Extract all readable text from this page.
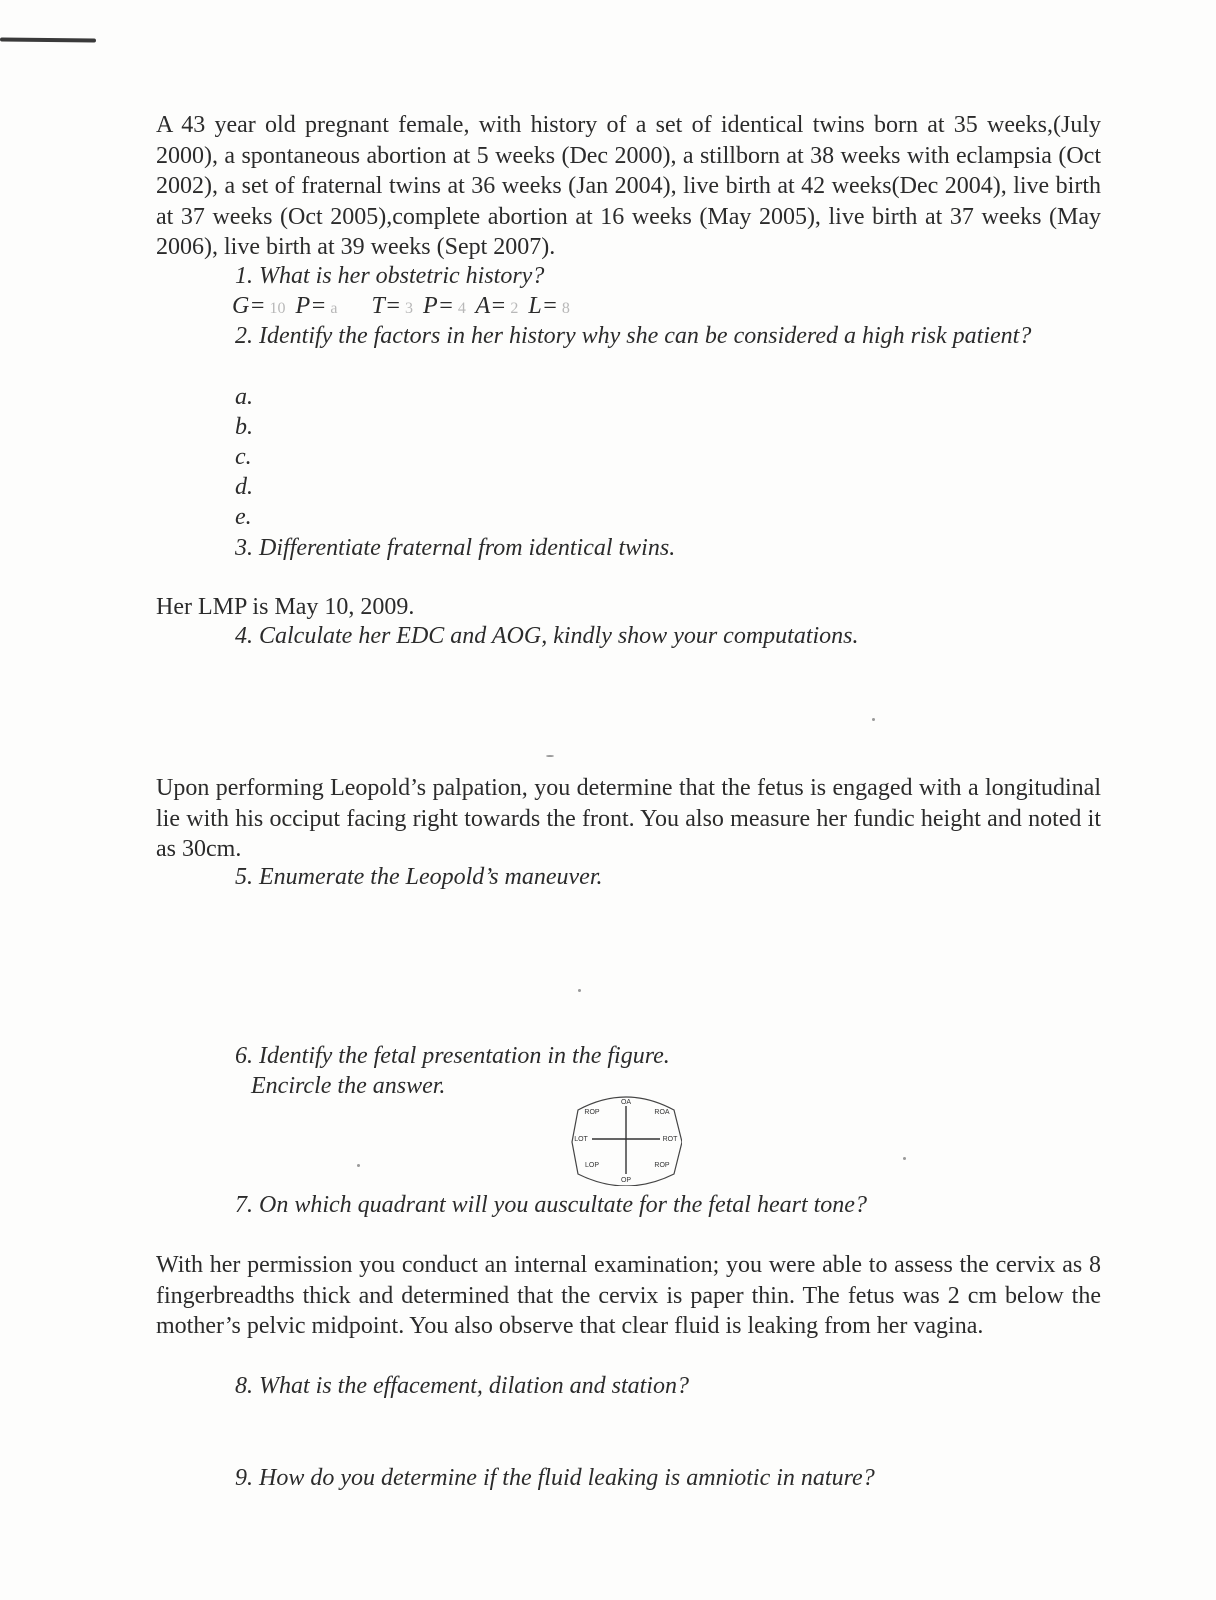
A 43 year old pregnant female, with history of a set of identical twins born at 35 weeks,(July 2000), a spontaneous abortion at 5 weeks (Dec 2000), a stillborn at 38 weeks with eclampsia (Oct 2002), a set of fraternal twins at 36 weeks (Jan 2004), live birth at 42 weeks(Dec 2004), live birth at 37 weeks (Oct 2005),complete abortion at 16 weeks (May 2005), live birth at 37 weeks (May 2006), live birth at 39 weeks (Sept 2007).

1. What is her obstetric history?

G= 10 P= a T= 3 P= 4 A= 2 L= 8

2. Identify the factors in her history why she can be considered a high risk patient?

a.
b.
c.
d.
e.

3. Differentiate fraternal from identical twins.

Her LMP is May 10, 2009.

4. Calculate her EDC and AOG, kindly show your computations.

Upon performing Leopold’s palpation, you determine that the fetus is engaged with a longitudinal lie with his occiput facing right towards the front. You also measure her fundic height and noted it as 30cm.

5. Enumerate the Leopold’s maneuver.

6. Identify the fetal presentation in the figure.

Encircle the answer.

OA
ROP	ROA
LOT	ROT
LOP	ROP
OP

7. On which quadrant will you auscultate for the fetal heart tone?

With her permission you conduct an internal examination; you were able to assess the cervix as 8 fingerbreadths thick and determined that the cervix is paper thin. The fetus was 2 cm below the mother’s pelvic midpoint. You also observe that clear fluid is leaking from her vagina.

8. What is the effacement, dilation and station?

9. How do you determine if the fluid leaking is amniotic in nature?
